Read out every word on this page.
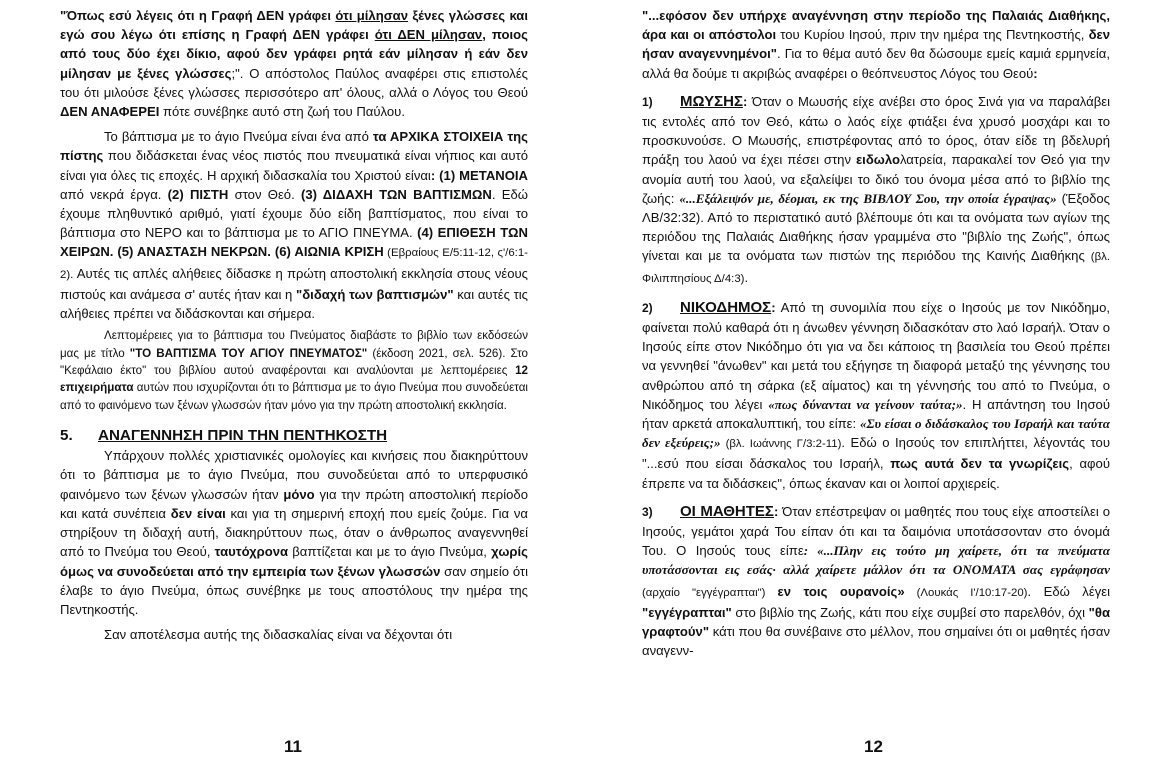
"Όπως εσύ λέγεις ότι η Γραφή ΔΕΝ γράφει ότι μίλησαν ξένες γλώσσες και εγώ σου λέγω ότι επίσης η Γραφή ΔΕΝ γράφει ότι ΔΕΝ μίλησαν, ποιος από τους δύο έχει δίκιο, αφού δεν γράφει ρητά εάν μίλησαν ή εάν δεν μίλησαν με ξένες γλώσσες;". Ο απόστολος Παύλος αναφέρει στις επιστολές του ότι μιλούσε ξένες γλώσσες περισσότερο απ' όλους, αλλά ο Λόγος του Θεού ΔΕΝ ΑΝΑΦΕΡΕΙ πότε συνέβηκε αυτό στη ζωή του Παύλου.

Το βάπτισμα με το άγιο Πνεύμα είναι ένα από τα ΑΡΧΙΚΑ ΣΤΟΙΧΕΙΑ της πίστης που διδάσκεται ένας νέος πιστός που πνευματικά είναι νήπιος και αυτό είναι για όλες τις εποχές. Η αρχική διδασκαλία του Χριστού είναι: (1) ΜΕΤΑΝΟΙΑ από νεκρά έργα. (2) ΠΙΣΤΗ στον Θεό. (3) ΔΙΔΑΧΗ ΤΩΝ ΒΑΠΤΙΣΜΩΝ. Εδώ έχουμε πληθυντικό αριθμό, γιατί έχουμε δύο είδη βαπτίσματος, που είναι το βάπτισμα στο ΝΕΡΟ και το βάπτισμα με το ΑΓΙΟ ΠΝΕΥΜΑ. (4) ΕΠΙΘΕΣΗ ΤΩΝ ΧΕΙΡΩΝ. (5) ΑΝΑΣΤΑΣΗ ΝΕΚΡΩΝ. (6) ΑΙΩΝΙΑ ΚΡΙΣΗ (Εβραίους Ε/5:11-12, ς'/6:1-2). Αυτές τις απλές αλήθειες δίδασκε η πρώτη αποστολική εκκλησία στους νέους πιστούς και ανάμεσα σ' αυτές ήταν και η "διδαχή των βαπτισμών" και αυτές τις αλήθειες πρέπει να διδάσκονται και σήμερα.

Λεπτομέρειες για το βάπτισμα του Πνεύματος διαβάστε το βιβλίο των εκδόσεών μας με τίτλο "ΤΟ ΒΑΠΤΙΣΜΑ ΤΟΥ ΑΓΙΟΥ ΠΝΕΥΜΑΤΟΣ" (έκδοση 2021, σελ. 526). Στο "Κεφάλαιο έκτο" του βιβλίου αυτού αναφέρονται και αναλύονται με λεπτομέρειες 12 επιχειρήματα αυτών που ισχυρίζονται ότι το βάπτισμα με το άγιο Πνεύμα που συνοδεύεται από το φαινόμενο των ξένων γλωσσών ήταν μόνο για την πρώτη αποστολική εκκλησία.

5. ΑΝΑΓΕΝΝΗΣΗ ΠΡΙΝ ΤΗΝ ΠΕΝΤΗΚΟΣΤΗ

Υπάρχουν πολλές χριστιανικές ομολογίες και κινήσεις που διακηρύττουν ότι το βάπτισμα με το άγιο Πνεύμα, που συνοδεύεται από το υπερφυσικό φαινόμενο των ξένων γλωσσών ήταν μόνο για την πρώτη αποστολική περίοδο και κατά συνέπεια δεν είναι και για τη σημερινή εποχή που εμείς ζούμε. Για να στηρίξουν τη διδαχή αυτή, διακηρύττουν πως, όταν ο άνθρωπος αναγεννηθεί από το Πνεύμα του Θεού, ταυτόχρονα βαπτίζεται και με το άγιο Πνεύμα, χωρίς όμως να συνοδεύεται από την εμπειρία των ξένων γλωσσών σαν σημείο ότι έλαβε το άγιο Πνεύμα, όπως συνέβηκε με τους αποστόλους την ημέρα της Πεντηκοστής.

Σαν αποτέλεσμα αυτής της διδασκαλίας είναι να δέχονται ότι

11

"...εφόσον δεν υπήρχε αναγέννηση στην περίοδο της Παλαιάς Διαθήκης, άρα και οι απόστολοι του Κυρίου Ιησού, πριν την ημέρα της Πεντηκοστής, δεν ήσαν αναγεννημένοι". Για το θέμα αυτό δεν θα δώσουμε εμείς καμιά ερμηνεία, αλλά θα δούμε τι ακριβώς αναφέρει ο θεόπνευστος Λόγος του Θεού:

1) ΜΩΥΣΗΣ: Όταν ο Μωυσής είχε ανέβει στο όρος Σινά για να παραλάβει τις εντολές από τον Θεό, κάτω ο λαός είχε φτιάξει ένα χρυσό μοσχάρι και το προσκυνούσε. Ο Μωυσής, επιστρέφοντας από το όρος, όταν είδε τη βδελυρή πράξη του λαού να έχει πέσει στην ειδωλολατρεία, παρακαλεί τον Θεό για την ανομία αυτή του λαού, να εξαλείψει το δικό του όνομα μέσα από το βιβλίο της ζωής: «...Εξάλειψόν με, δέομαι, εκ της ΒΙΒΛΟΥ Σου, την οποία έγραψας» (Έξοδος ΛΒ/32:32). Από το περιστατικό αυτό βλέπουμε ότι και τα ονόματα των αγίων της περιόδου της Παλαιάς Διαθήκης ήσαν γραμμένα στο "βιβλίο της Ζωής", όπως γίνεται και με τα ονόματα των πιστών της περιόδου της Καινής Διαθήκης (βλ. Φιλιππησίους Δ/4:3).

2) ΝΙΚΟΔΗΜΟΣ: Από τη συνομιλία που είχε ο Ιησούς με τον Νικόδημο, φαίνεται πολύ καθαρά ότι η άνωθεν γέννηση διδασκόταν στο λαό Ισραήλ. Όταν ο Ιησούς είπε στον Νικόδημο ότι για να δει κάποιος τη βασιλεία του Θεού πρέπει να γεννηθεί "άνωθεν" και μετά του εξήγησε τη διαφορά μεταξύ της γέννησης του ανθρώπου από τη σάρκα (εξ αίματος) και τη γέννησής του από το Πνεύμα, ο Νικόδημος του λέγει «πως δύνανται να γείνουν ταύτα;». Η απάντηση του Ιησού ήταν αρκετά αποκαλυπτική, του είπε: «Συ είσαι ο διδάσκαλος του Ισραήλ και ταύτα δεν εξεύρεις;» (βλ. Ιωάννης Γ/3:2-11). Εδώ ο Ιησούς τον επιπλήττει, λέγοντάς του "...εσύ που είσαι δάσκαλος του Ισραήλ, πως αυτά δεν τα γνωρίζεις, αφού έπρεπε να τα διδάσκεις", όπως έκαναν και οι λοιποί αρχιερείς.

3) ΟΙ ΜΑΘΗΤΕΣ: Όταν επέστρεψαν οι μαθητές που τους είχε αποστείλει ο Ιησούς, γεμάτοι χαρά Του είπαν ότι και τα δαιμόνια υποτάσσονταν στο όνομά Του. Ο Ιησούς τους είπε: «...Πλην εις τούτο μη χαίρετε, ότι τα πνεύματα υποτάσσονται εις εσάς· αλλά χαίρετε μάλλον ότι τα ΟΝΟΜΑΤΑ σας εγράφησαν (αρχαίο "εγγέγραπται") εν τοις ουρανοίς» (Λουκάς Ι'/10:17-20). Εδώ λέγει "εγγέγραπται" στο βιβλίο της Ζωής, κάτι που είχε συμβεί στο παρελθόν, όχι "θα γραφτούν" κάτι που θα συνέβαινε στο μέλλον, που σημαίνει ότι οι μαθητές ήσαν αναγενν-

12
